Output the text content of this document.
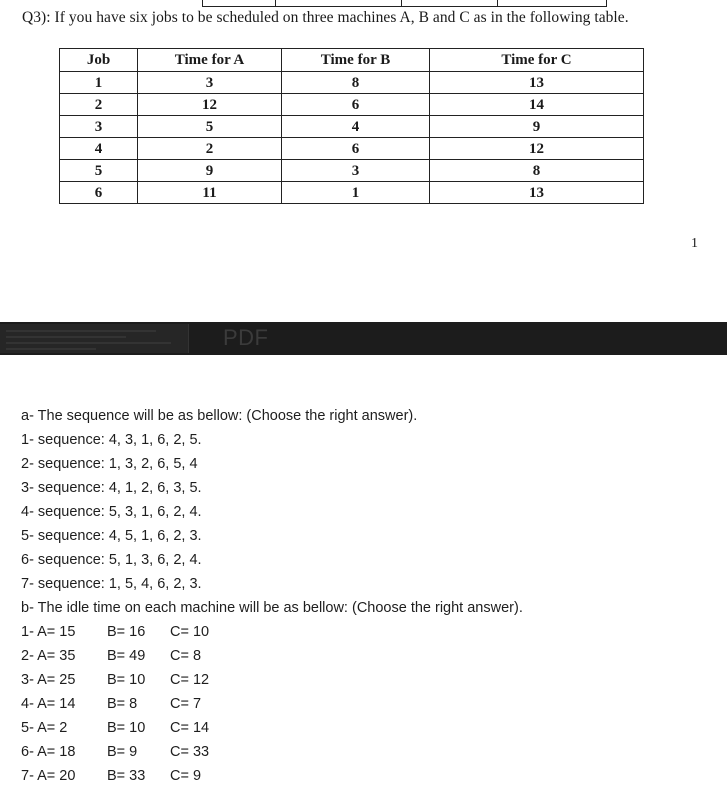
Q3): If you have six jobs to be scheduled on three machines A, B and C as in the following table.
Job	Time for A	Time for B	Time for C
1	3	8	13
2	12	6	14
3	5	4	9
4	2	6	12
5	9	3	8
6	11	1	13
1
PDF
a- The sequence will be as bellow: (Choose the right answer).
1- sequence: 4, 3, 1, 6, 2, 5.
2- sequence: 1, 3, 2, 6, 5, 4
3- sequence: 4, 1, 2, 6, 3, 5.
4- sequence: 5, 3, 1, 6, 2, 4.
5- sequence: 4, 5, 1, 6, 2, 3.
6- sequence: 5, 1, 3, 6, 2, 4.
7- sequence: 1, 5, 4, 6, 2, 3.
b- The idle time on each machine will be as bellow: (Choose the right answer).
1- A= 15 B= 16 C= 10
2- A= 35 B= 49 C= 8
3- A= 25 B= 10 C= 12
4- A= 14 B= 8 C= 7
5- A= 2	B= 10 C= 14
6- A= 18 B= 9 C= 33
7- A= 20 B= 33 C= 9
